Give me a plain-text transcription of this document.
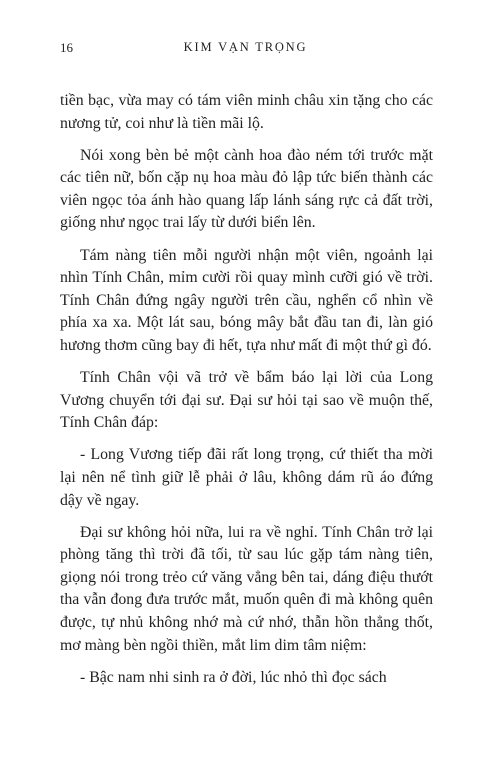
16	KIM VẠN TRỌNG

tiền bạc, vừa may có tám viên minh châu xin tặng cho các nương tử, coi như là tiền mãi lộ.

Nói xong bèn bẻ một cành hoa đào ném tới trước mặt các tiên nữ, bốn cặp nụ hoa màu đỏ lập tức biến thành các viên ngọc tỏa ánh hào quang lấp lánh sáng rực cả đất trời, giống như ngọc trai lấy từ dưới biển lên.

Tám nàng tiên mỗi người nhận một viên, ngoảnh lại nhìn Tính Chân, mỉm cười rồi quay mình cưỡi gió về trời. Tính Chân đứng ngây người trên cầu, nghển cổ nhìn về phía xa xa. Một lát sau, bóng mây bắt đầu tan đi, làn gió hương thơm cũng bay đi hết, tựa như mất đi một thứ gì đó.

Tính Chân vội vã trở về bẩm báo lại lời của Long Vương chuyển tới đại sư. Đại sư hỏi tại sao về muộn thế, Tính Chân đáp:

- Long Vương tiếp đãi rất long trọng, cứ thiết tha mời lại nên nể tình giữ lễ phải ở lâu, không dám rũ áo đứng dậy về ngay.

Đại sư không hỏi nữa, lui ra về nghỉ. Tính Chân trở lại phòng tăng thì trời đã tối, từ sau lúc gặp tám nàng tiên, giọng nói trong trẻo cứ văng vẳng bên tai, dáng điệu thướt tha vẫn đong đưa trước mắt, muốn quên đi mà không quên được, tự nhủ không nhớ mà cứ nhớ, thẫn hồn thẳng thốt, mơ màng bèn ngồi thiền, mắt lim dim tâm niệm:

- Bậc nam nhi sinh ra ở đời, lúc nhỏ thì đọc sách
